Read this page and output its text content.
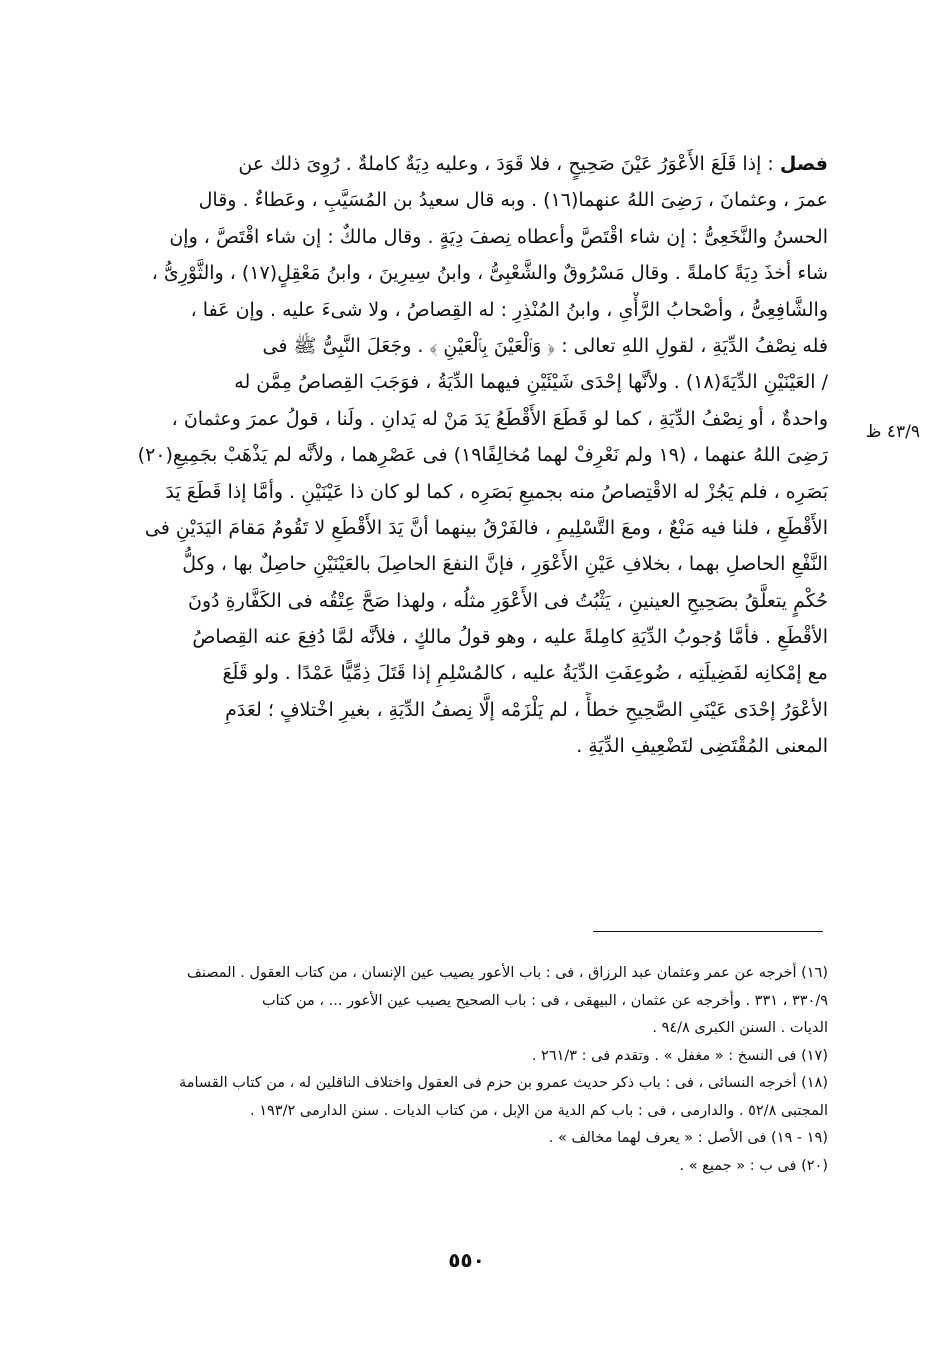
فصل : إذا قَلَعَ الأَعْوَرُ عَيْنَ صَحِيحٍ ، فلا قَوَدَ ، وعليه دِيَةٌ كاملةٌ . رُوِىَ ذلك عن
عمرَ ، وعثمانَ ، رَضِىَ اللهُ عنهما(١٦) . وبه قال سعيدُ بن المُسَيَّبِ ، وعَطاءٌ . وقال
الحسنُ والنَّخَعِىُّ : إن شاء اقْتَصَّ وأعطاه نِصفَ دِيَةٍ . وقال مالكٌ : إن شاء اقْتَصَّ ، وإن
شاء أخذَ دِيَةً كاملةً . وقال مَسْرُوقٌ والشَّعْبِىُّ ، وابنُ سِيرِينَ ، وابنُ مَعْقِلٍ(١٧) ، والثَّوْرِىُّ ،
والشَّافِعِىُّ ، وأصْحابُ الرَّأْىِ ، وابنُ المُنْذِرِ : له القِصاصُ ، ولا شىءَ عليه . وإن عَفا ،
فله نِصْفُ الدِّيَةِ ، لقولِ اللهِ تعالى : ﴿ وَٱلْعَيْنَ بِٱلْعَيْنِ ﴾ . وجَعَلَ النَّبِىُّ ﷺ فى
/ العَيْنَيْنِ الدِّيَةَ(١٨) . ولأنَّها إحْدَى شَيْئَيْنِ فيهما الدِّيَةُ ، فوَجَبَ القِصاصُ مِمَّن له
واحدةٌ ، أو نِصْفُ الدِّيَةِ ، كما لو قَطَعَ الأَقْطَعُ يَدَ مَنْ له يَدانِ . ولَنا ، قولُ عمرَ وعثمانَ ،
رَضِىَ اللهُ عنهما ، (١٩ ولم نَعْرِفْ لهما مُخالِفًا١٩) فى عَصْرِهما ، ولأنَّه لم يَذْهَبْ بجَمِيعِ(٢٠)
بَصَرِه ، فلم يَجُزْ له الاقْتِصاصُ منه بجميعِ بَصَرِه ، كما لو كان ذا عَيْنَيْنِ . وأمَّا إذا قَطَعَ يَدَ
الأَقْطَعِ ، فلنا فيه مَنْعٌ ، ومعَ التَّسْلِيمِ ، فالفَرْقُ بينهما أنَّ يَدَ الأَقْطَعِ لا تَقُومُ مَقامَ اليَدَيْنِ فى
النَّفْعِ الحاصلِ بهما ، بخلافِ عَيْنِ الأَعْوَرِ ، فإنَّ النفعَ الحاصِلَ بالعَيْنَيْنِ حاصِلٌ بها ، وكلُّ
حُكْمٍ يتعلَّقُ بصَحِيحِ العينينِ ، يَثْبُتُ فى الأَعْوَرِ مثلُه ، ولهذا صَحَّ عِتْقُه فى الكَفَّارةِ دُونَ
الأقْطَعِ . فأمَّا وُجوبُ الدِّيَةِ كامِلةً عليه ، وهو قولُ مالكٍ ، فلأنَّه لمَّا دُفِعَ عنه القِصاصُ
مع إمْكانِه لفَضِيلَتِه ، ضُوعِفَتِ الدِّيَةُ عليه ، كالمُسْلِمِ إذا قَتَلَ ذِمِّيًّا عَمْدًا . ولو قَلَعَ
الأعْوَرُ إحْدَى عَيْنَىِ الصَّحِيحِ خطأً ، لم يَلْزَمْه إلَّا نِصفُ الدِّيَةِ ، بغيرِ اخْتلافٍ ؛ لعَدَمِ
المعنى المُقْتَضِى لتَضْعِيفِ الدِّيَةِ .
٤٣/٩ ظ
(١٦) أخرجه عن عمر وعثمان عبد الرزاق ، فى : باب الأعور يصيب عين الإنسان ، من كتاب العقول . المصنف
٣٣٠/٩ ، ٣٣١ . وأخرجه عن عثمان ، البيهقى ، فى : باب الصحيح يصيب عين الأعور ... ، من كتاب
الديات . السنن الكبرى ٩٤/٨ .
(١٧) فى النسخ : « مغفل » . وتقدم فى : ٢٦١/٣ .
(١٨) أخرجه النسائى ، فى : باب ذكر حديث عمرو بن حزم فى العقول واختلاف الناقلين له ، من كتاب القسامة
المجتبى ٥٢/٨ . والدارمى ، فى : باب كم الدية من الإبل ، من كتاب الديات . سنن الدارمى ١٩٣/٢ .
(١٩ - ١٩) فى الأصل : « يعرف لهما مخالف » .
(٢٠) فى ب : « جميع » .
٥٥٠
